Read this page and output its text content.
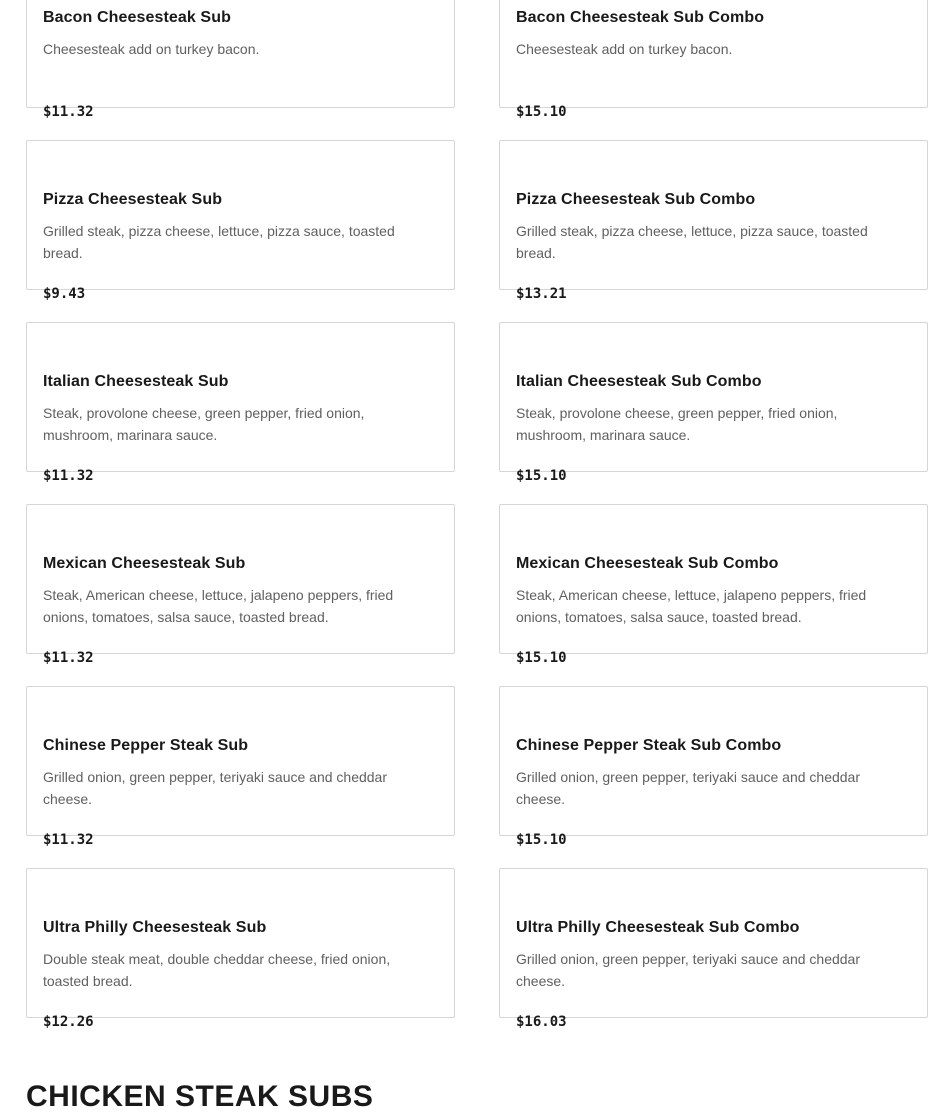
Bacon Cheesesteak Sub
Cheesesteak add on turkey bacon.
$11.32
Bacon Cheesesteak Sub Combo
Cheesesteak add on turkey bacon.
$15.10
Pizza Cheesesteak Sub
Grilled steak, pizza cheese, lettuce, pizza sauce, toasted bread.
$9.43
Pizza Cheesesteak Sub Combo
Grilled steak, pizza cheese, lettuce, pizza sauce, toasted bread.
$13.21
Italian Cheesesteak Sub
Steak, provolone cheese, green pepper, fried onion, mushroom, marinara sauce.
$11.32
Italian Cheesesteak Sub Combo
Steak, provolone cheese, green pepper, fried onion, mushroom, marinara sauce.
$15.10
Mexican Cheesesteak Sub
Steak, American cheese, lettuce, jalapeno peppers, fried onions, tomatoes, salsa sauce, toasted bread.
$11.32
Mexican Cheesesteak Sub Combo
Steak, American cheese, lettuce, jalapeno peppers, fried onions, tomatoes, salsa sauce, toasted bread.
$15.10
Chinese Pepper Steak Sub
Grilled onion, green pepper, teriyaki sauce and cheddar cheese.
$11.32
Chinese Pepper Steak Sub Combo
Grilled onion, green pepper, teriyaki sauce and cheddar cheese.
$15.10
Ultra Philly Cheesesteak Sub
Double steak meat, double cheddar cheese, fried onion, toasted bread.
$12.26
Ultra Philly Cheesesteak Sub Combo
Grilled onion, green pepper, teriyaki sauce and cheddar cheese.
$16.03
CHICKEN STEAK SUBS
